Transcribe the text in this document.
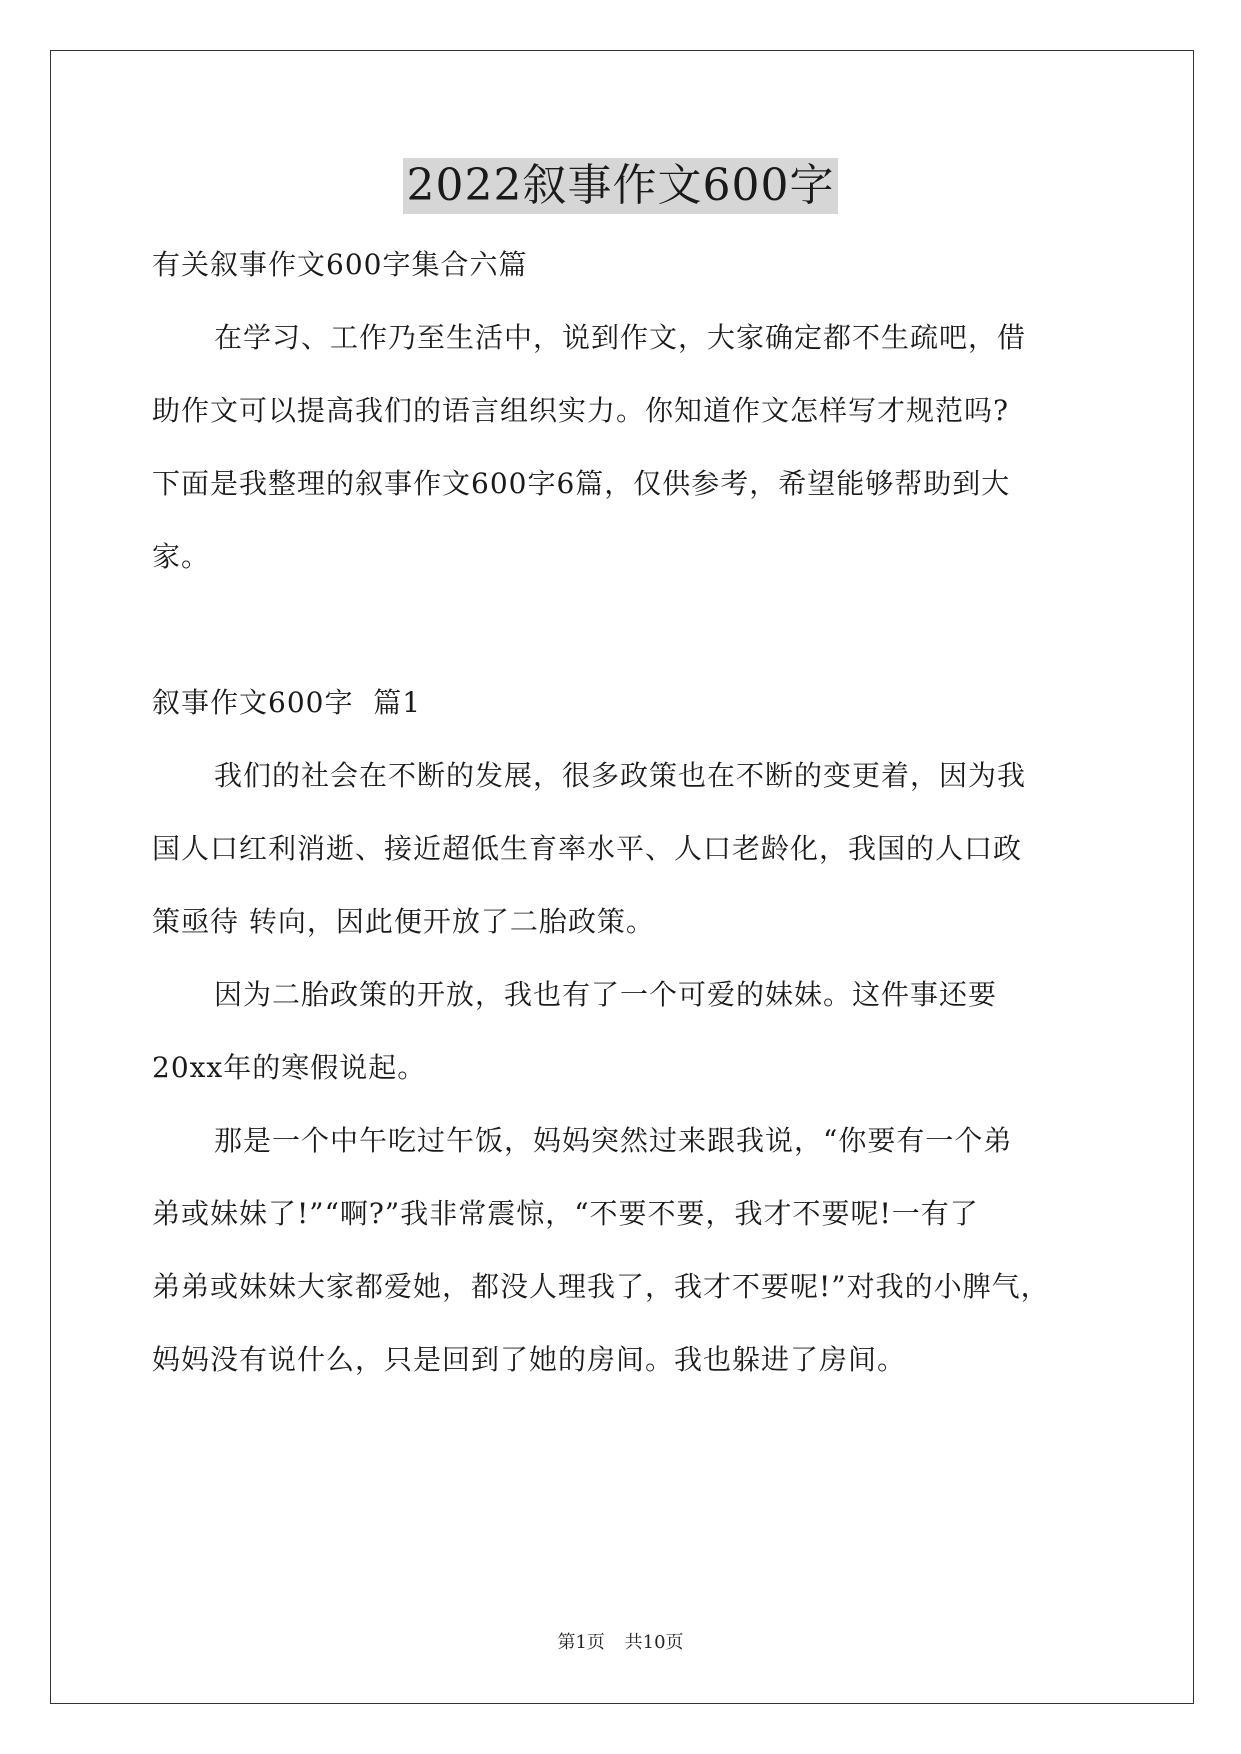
2022叙事作文600字
有关叙事作文600字集合六篇
在学习、工作乃至生活中，说到作文，大家确定都不生疏吧，借
助作文可以提高我们的语言组织实力。你知道作文怎样写才规范吗?
下面是我整理的叙事作文600字6篇，仅供参考，希望能够帮助到大
家。
叙事作文600字  篇1
我们的社会在不断的发展，很多政策也在不断的变更着，因为我
国人口红利消逝、接近超低生育率水平、人口老龄化，我国的人口政
策亟待 转向，因此便开放了二胎政策。
因为二胎政策的开放，我也有了一个可爱的妹妹。这件事还要
20xx年的寒假说起。
那是一个中午吃过午饭，妈妈突然过来跟我说，“你要有一个弟
弟或妹妹了!”“啊?”我非常震惊，“不要不要，我才不要呢!一有了
弟弟或妹妹大家都爱她，都没人理我了，我才不要呢!”对我的小脾气，
妈妈没有说什么，只是回到了她的房间。我也躲进了房间。
第1页 共10页
